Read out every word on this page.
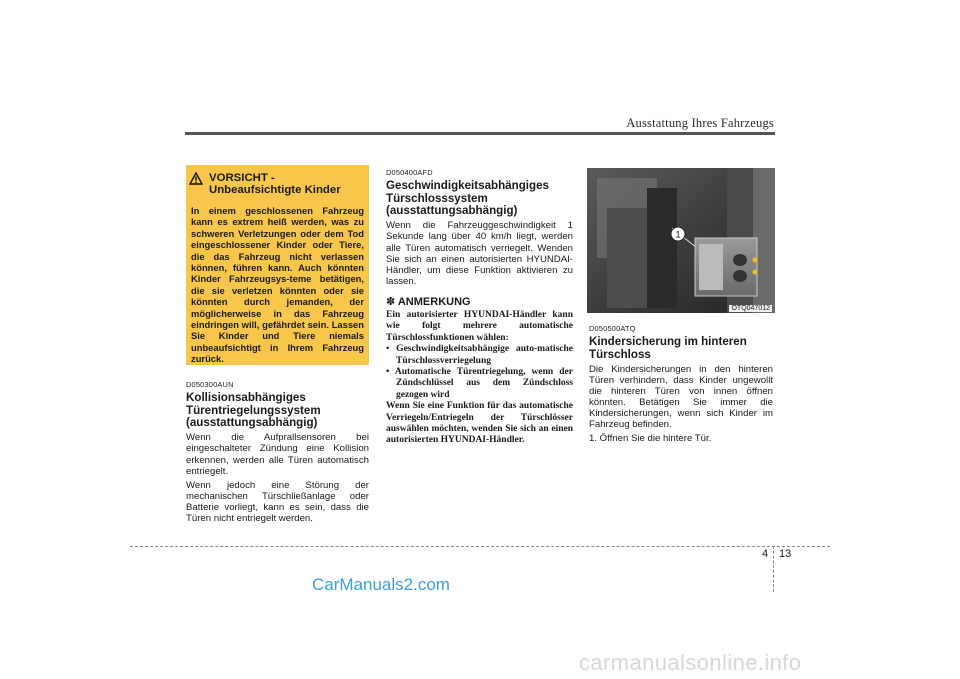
Ausstattung Ihres Fahrzeugs
VORSICHT -
Unbeaufsichtigte Kinder
In einem geschlossenen Fahrzeug kann es extrem heiß werden, was zu schweren Verletzungen oder dem Tod eingeschlossener Kinder oder Tiere, die das Fahrzeug nicht verlassen können, führen kann. Auch könnten Kinder Fahrzeugsys-teme betätigen, die sie verletzen könnten oder sie könnten durch jemanden, der möglicherweise in das Fahrzeug eindringen will, gefährdet sein. Lassen Sie Kinder und Tiere niemals unbeaufsichtigt in Ihrem Fahrzeug zurück.
D050300AUN
Kollisionsabhängiges Türentriegelungssystem (ausstattungsabhängig)

Wenn die Aufprallsensoren bei eingeschalteter Zündung eine Kollision erkennen, werden alle Türen automatisch entriegelt.

Wenn jedoch eine Störung der mechanischen Türschließanlage oder Batterie vorliegt, kann es sein, dass die Türen nicht entriegelt werden.

D050400AFD
Geschwindigkeitsabhängiges Türschlosssystem (ausstattungsabhängig)

Wenn die Fahrzeuggeschwindigkeit 1 Sekunde lang über 40 km/h liegt, werden alle Türen automatisch verriegelt. Wenden Sie sich an einen autorisierten HYUNDAI-Händler, um diese Funktion aktivieren zu lassen.

✽ ANMERKUNG

Ein autorisierter HYUNDAI-Händler kann wie folgt mehrere automatische Türschlossfunktionen wählen:

• Geschwindigkeitsabhängige auto-matische Türschlossverriegelung

• Automatische Türentriegelung, wenn der Zündschlüssel aus dem Zündschloss gezogen wird

Wenn Sie eine Funktion für das automatische Verriegeln/Entriegeln der Türschlösser auswählen möchten, wenden Sie sich an einen autorisierten HYUNDAI-Händler.

1
OTQ047012
D050500ATQ
Kindersicherung im hinteren Türschloss

Die Kindersicherungen in den hinteren Türen verhindern, dass Kinder ungewollt die hinteren Türen von innen öffnen könnten. Betätigen Sie immer die Kindersicherungen, wenn sich Kinder im Fahrzeug befinden.

1. Öffnen Sie die hintere Tür.

4 13
CarManuals2.com
carmanualsonline.info
